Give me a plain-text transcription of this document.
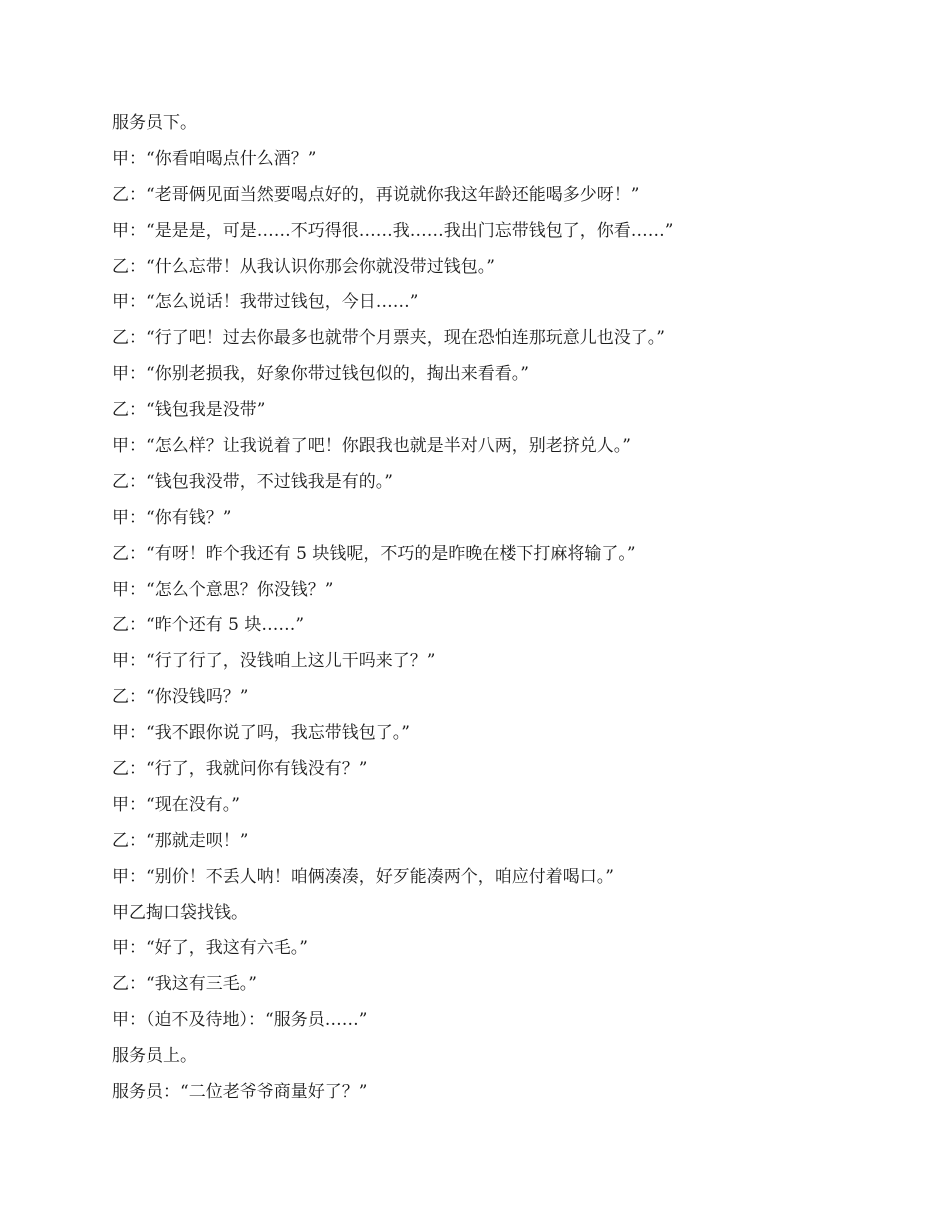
服务员下。
甲：“你看咱喝点什么酒？”
乙：“老哥俩见面当然要喝点好的，再说就你我这年龄还能喝多少呀！”
甲：“是是是，可是……不巧得很……我……我出门忘带钱包了，你看……”
乙：“什么忘带！从我认识你那会你就没带过钱包。”
甲：“怎么说话！我带过钱包，今日……”
乙：“行了吧！过去你最多也就带个月票夹，现在恐怕连那玩意儿也没了。”
甲：“你别老损我，好象你带过钱包似的，掏出来看看。”
乙：“钱包我是没带”
甲：“怎么样？让我说着了吧！你跟我也就是半对八两，别老挤兑人。”
乙：“钱包我没带，不过钱我是有的。”
甲：“你有钱？”
乙：“有呀！昨个我还有 5 块钱呢，不巧的是昨晚在楼下打麻将输了。”
甲：“怎么个意思？你没钱？”
乙：“昨个还有 5 块……”
甲：“行了行了，没钱咱上这儿干吗来了？”
乙：“你没钱吗？”
甲：“我不跟你说了吗，我忘带钱包了。”
乙：“行了，我就问你有钱没有？”
甲：“现在没有。”
乙：“那就走呗！”
甲：“别价！不丢人呐！咱俩凑凑，好歹能凑两个，咱应付着喝口。”
甲乙掏口袋找钱。
甲：“好了，我这有六毛。”
乙：“我这有三毛。”
甲：（迫不及待地）：“服务员……”
服务员上。
服务员：“二位老爷爷商量好了？”
